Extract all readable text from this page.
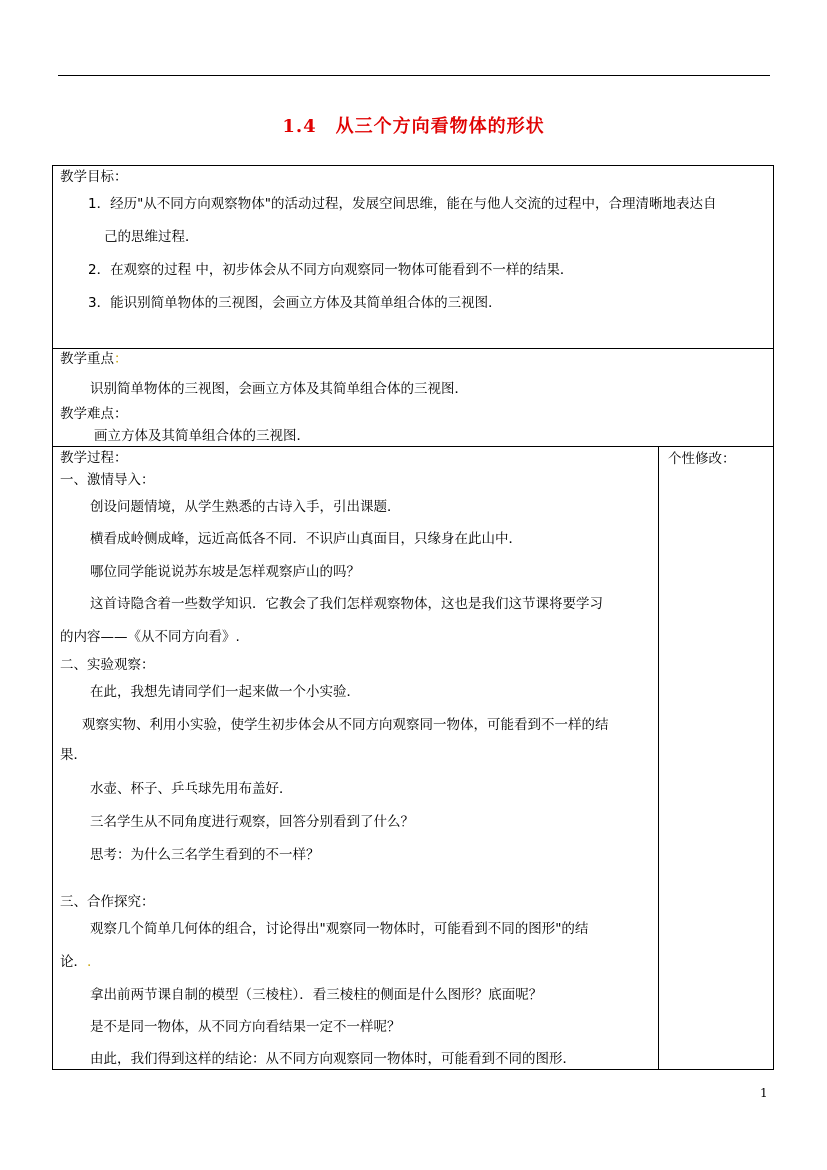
1.4　从三个方向看物体的形状
教学目标：
1．经历"从不同方向观察物体"的活动过程，发展空间思维，能在与他人交流的过程中，合理清晰地表达自
己的思维过程．
2．在观察的过程 中，初步体会从不同方向观察同一物体可能看到不一样的结果．
3．能识别简单物体的三视图，会画立方体及其简单组合体的三视图．
教学重点：
识别简单物体的三视图，会画立方体及其简单组合体的三视图．
教学难点：
画立方体及其简单组合体的三视图．
教学过程：	个性修改：
一、激情导入：
创设问题情境，从学生熟悉的古诗入手，引出课题．
横看成岭侧成峰，远近高低各不同．不识庐山真面目，只缘身在此山中．
哪位同学能说说苏东坡是怎样观察庐山的吗？
这首诗隐含着一些数学知识．它教会了我们怎样观察物体，这也是我们这节课将要学习
的内容——《从不同方向看》.
二、实验观察：
在此，我想先请同学们一起来做一个小实验．
观察实物、利用小实验，使学生初步体会从不同方向观察同一物体，可能看到不一样的结
果．
水壶、杯子、乒乓球先用布盖好．
三名学生从不同角度进行观察，回答分别看到了什么？
思考：为什么三名学生看到的不一样？
三、合作探究：
观察几个简单几何体的组合，讨论得出"观察同一物体时，可能看到不同的图形"的结
论．.
拿出前两节课自制的模型（三棱柱）．看三棱柱的侧面是什么图形？底面呢？
是不是同一物体，从不同方向看结果一定不一样呢？
由此，我们得到这样的结论：从不同方向观察同一物体时，可能看到不同的图形．
1
